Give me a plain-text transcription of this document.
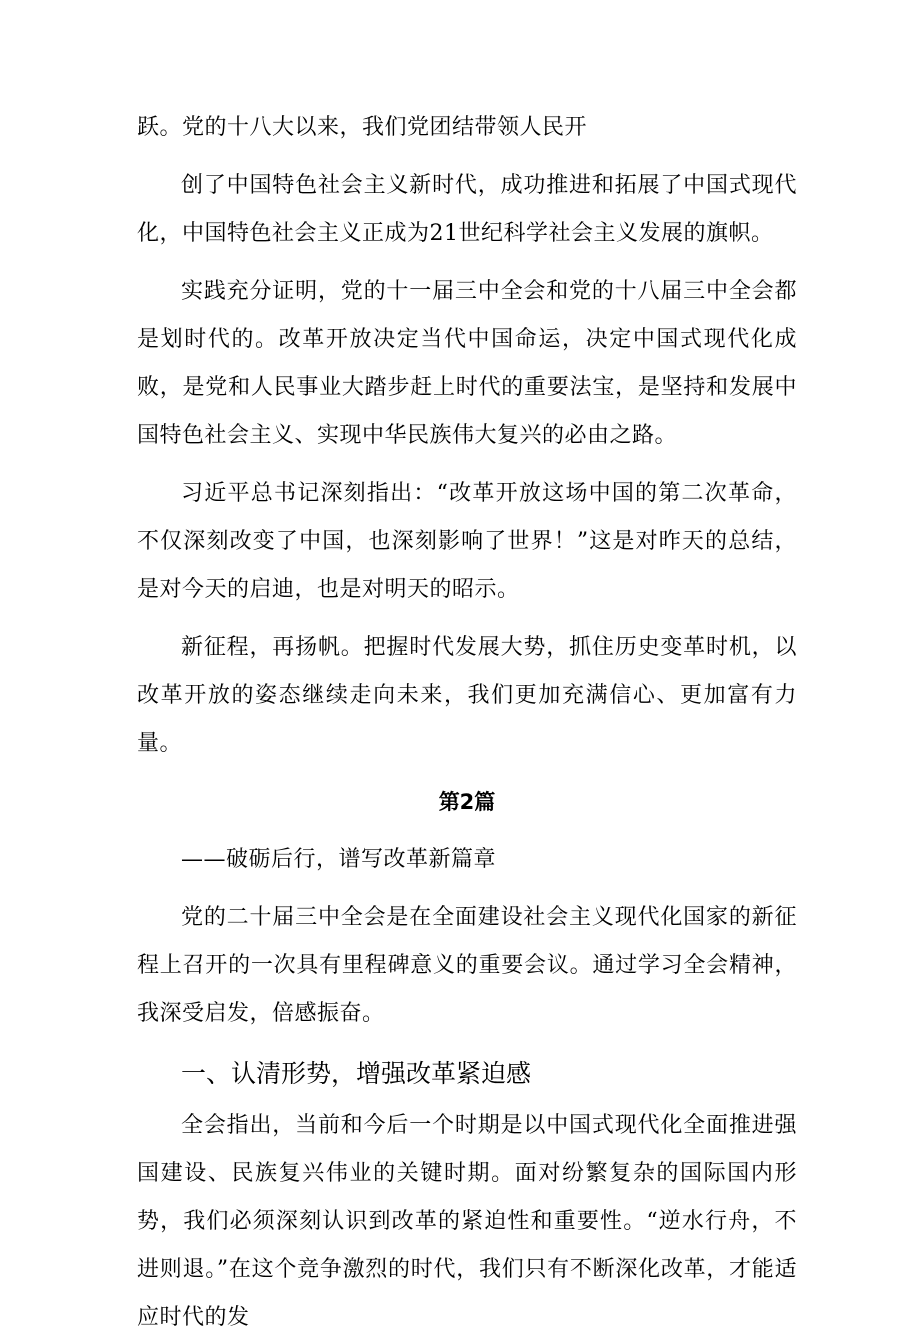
跃。党的十八大以来，我们党团结带领人民开

创了中国特色社会主义新时代，成功推进和拓展了中国式现代化，中国特色社会主义正成为21世纪科学社会主义发展的旗帜。

实践充分证明，党的十一届三中全会和党的十八届三中全会都是划时代的。改革开放决定当代中国命运，决定中国式现代化成败，是党和人民事业大踏步赶上时代的重要法宝，是坚持和发展中国特色社会主义、实现中华民族伟大复兴的必由之路。

习近平总书记深刻指出：“改革开放这场中国的第二次革命，不仅深刻改变了中国，也深刻影响了世界！”这是对昨天的总结，是对今天的启迪，也是对明天的昭示。

新征程，再扬帆。把握时代发展大势，抓住历史变革时机，以改革开放的姿态继续走向未来，我们更加充满信心、更加富有力量。

第2篇

——破砺后行，谱写改革新篇章

党的二十届三中全会是在全面建设社会主义现代化国家的新征程上召开的一次具有里程碑意义的重要会议。通过学习全会精神，我深受启发，倍感振奋。

一、认清形势，增强改革紧迫感

全会指出，当前和今后一个时期是以中国式现代化全面推进强国建设、民族复兴伟业的关键时期。面对纷繁复杂的国际国内形势，我们必须深刻认识到改革的紧迫性和重要性。“逆水行舟，不进则退。”在这个竞争激烈的时代，我们只有不断深化改革，才能适应时代的发
